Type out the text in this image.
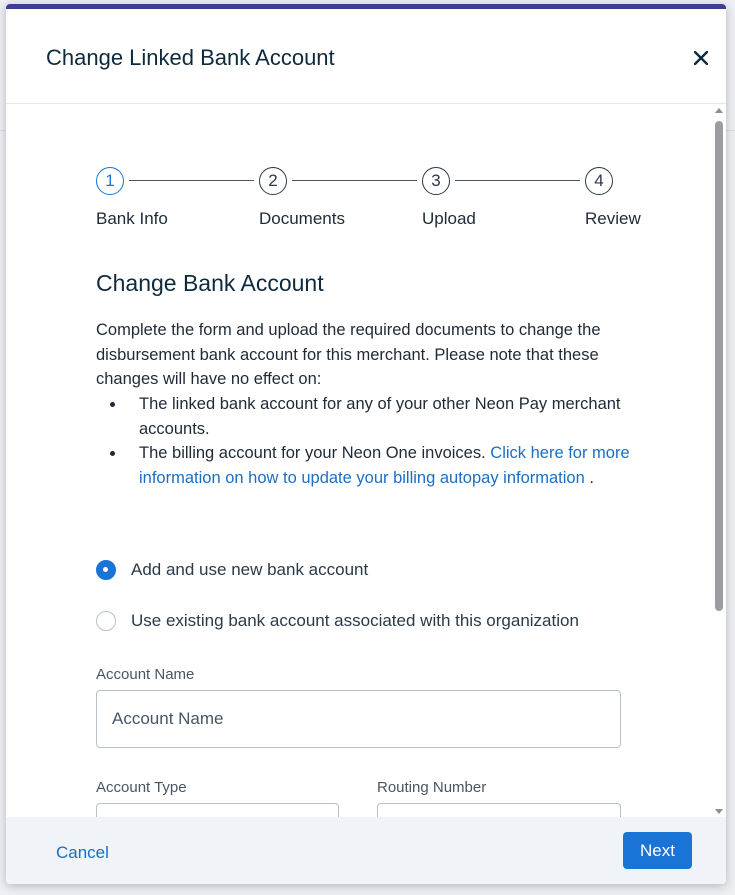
Change Linked Bank Account
1	2	3	4
Bank Info	Documents	Upload	Review
Change Bank Account
Complete the form and upload the required documents to change the disbursement bank account for this merchant. Please note that these changes will have no effect on:
The linked bank account for any of your other Neon Pay merchant accounts.
The billing account for your Neon One invoices. Click here for more information on how to update your billing autopay information .
Add and use new bank account
Use existing bank account associated with this organization
Account Name
Account Name
Account Type	Routing Number
Cancel	Next
